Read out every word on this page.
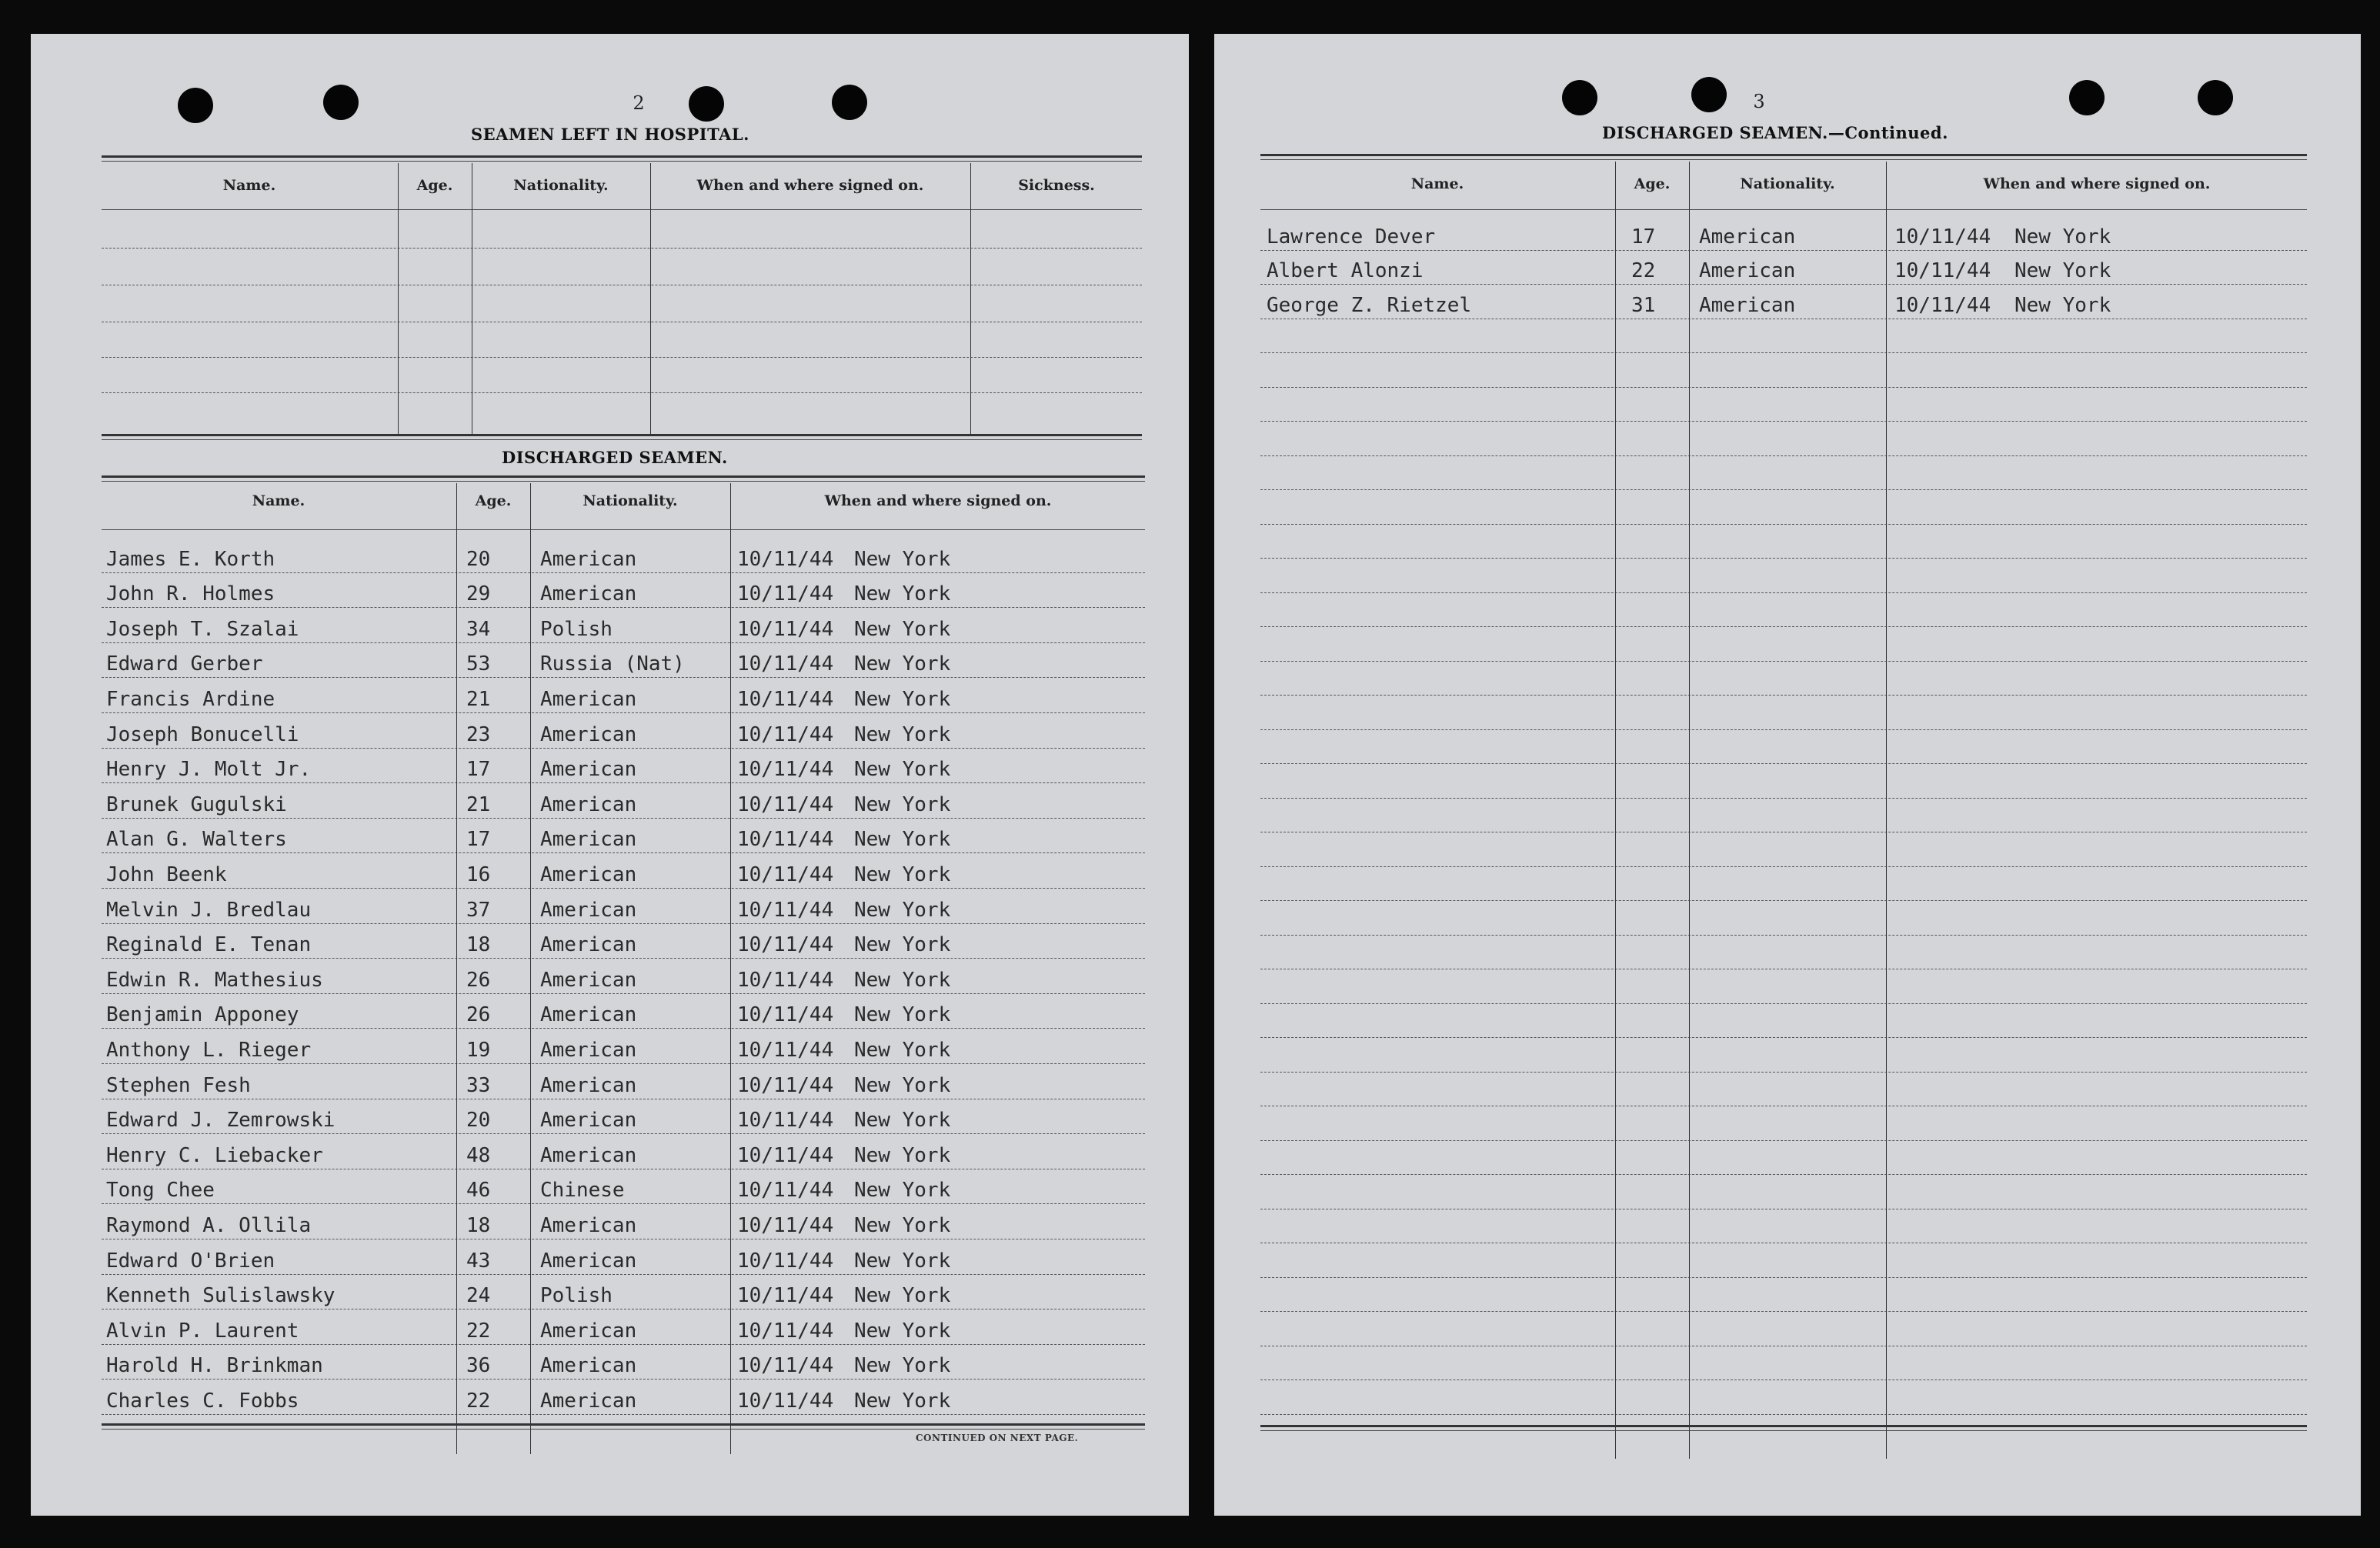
2
SEAMEN LEFT IN HOSPITAL.
Name.	Age.	Nationality.	When and where signed on.	Sickness.
DISCHARGED SEAMEN.
Name.	Age.	Nationality.	When and where signed on.
James E. Korth	20 American	10/11/44 New York
John R. Holmes	29 American	10/11/44 New York
Joseph T. Szalai	34 Polish	10/11/44 New York
Edward Gerber	53 Russia (Nat)	10/11/44 New York
Francis Ardine	21 American	10/11/44 New York
Joseph Bonucelli	23 American	10/11/44 New York
Henry J. Molt Jr.	17 American	10/11/44 New York
Brunek Gugulski	21 American	10/11/44 New York
Alan G. Walters	17 American	10/11/44 New York
John Beenk	16 American	10/11/44 New York
Melvin J. Bredlau	37 American	10/11/44 New York
Reginald E. Tenan	18 American	10/11/44 New York
Edwin R. Mathesius	26 American	10/11/44 New York
Benjamin Apponey	26 American	10/11/44 New York
Anthony L. Rieger	19 American	10/11/44 New York
Stephen Fesh	33 American	10/11/44 New York
Edward J. Zemrowski	20 American	10/11/44 New York
Henry C. Liebacker	48 American	10/11/44 New York
Tong Chee	46 Chinese	10/11/44 New York
Raymond A. Ollila	18 American	10/11/44 New York
Edward O'Brien	43 American	10/11/44 New York
Kenneth Sulislawsky	24 Polish	10/11/44 New York
Alvin P. Laurent	22 American	10/11/44 New York
Harold H. Brinkman	36 American	10/11/44 New York
Charles C. Fobbs	22 American	10/11/44 New York
CONTINUED ON NEXT PAGE.
3
DISCHARGED SEAMEN.—Continued.
Name.	Age.	Nationality.	When and where signed on.
Lawrence Dever	17 American	10/11/44 New York
Albert Alonzi	22 American	10/11/44 New York
George Z. Rietzel	31 American	10/11/44 New York
